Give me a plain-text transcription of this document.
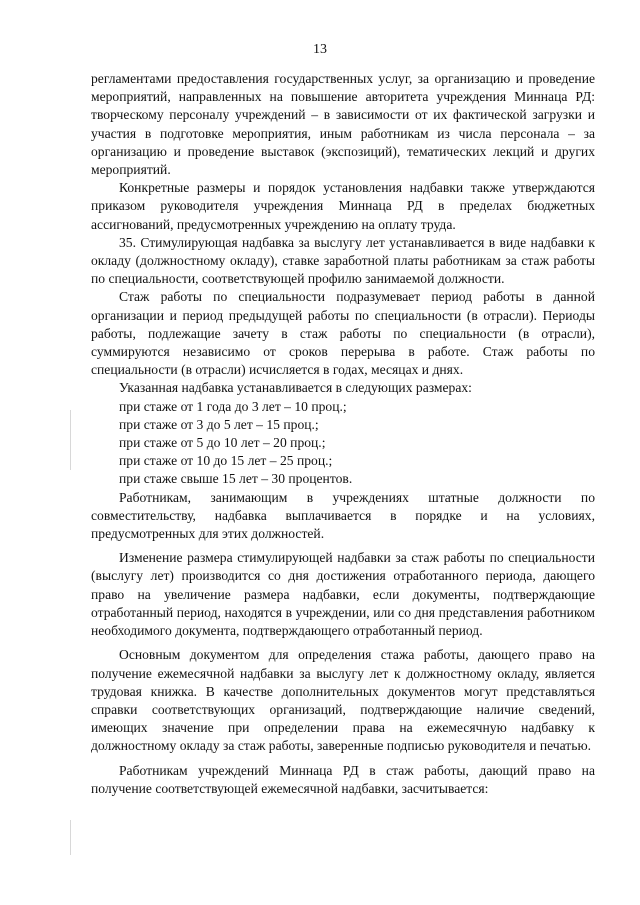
13

регламентами предоставления государственных услуг, за организацию и проведение мероприятий, направленных на повышение авторитета учреждения Миннаца РД: творческому персоналу учреждений – в зависимости от их фактической загрузки и участия в подготовке мероприятия, иным работникам из числа персонала – за организацию и проведение выставок (экспозиций), тематических лекций и других мероприятий.

Конкретные размеры и порядок установления надбавки также утверждаются приказом руководителя учреждения Миннаца РД в пределах бюджетных ассигнований, предусмотренных учреждению на оплату труда.

35. Стимулирующая надбавка за выслугу лет устанавливается в виде надбавки к окладу (должностному окладу), ставке заработной платы работникам за стаж работы по специальности, соответствующей профилю занимаемой должности.

Стаж работы по специальности подразумевает период работы в данной организации и период предыдущей работы по специальности (в отрасли). Периоды работы, подлежащие зачету в стаж работы по специальности (в отрасли), суммируются независимо от сроков перерыва в работе. Стаж работы по специальности (в отрасли) исчисляется в годах, месяцах и днях.

Указанная надбавка устанавливается в следующих размерах:

при стаже от 1 года до 3 лет – 10 проц.;

при стаже от 3 до 5 лет – 15 проц.;

при стаже от 5 до 10 лет – 20 проц.;

при стаже от 10 до 15 лет – 25 проц.;

при стаже свыше 15 лет – 30 процентов.

Работникам, занимающим в учреждениях штатные должности по совместительству, надбавка выплачивается в порядке и на условиях, предусмотренных для этих должностей.

Изменение размера стимулирующей надбавки за стаж работы по специальности (выслугу лет) производится со дня достижения отработанного периода, дающего право на увеличение размера надбавки, если документы, подтверждающие отработанный период, находятся в учреждении, или со дня представления работником необходимого документа, подтверждающего отработанный период.

Основным документом для определения стажа работы, дающего право на получение ежемесячной надбавки за выслугу лет к должностному окладу, является трудовая книжка. В качестве дополнительных документов могут представляться справки соответствующих организаций, подтверждающие наличие сведений, имеющих значение при определении права на ежемесячную надбавку к должностному окладу за стаж работы, заверенные подписью руководителя и печатью.

Работникам учреждений Миннаца РД в стаж работы, дающий право на получение соответствующей ежемесячной надбавки, засчитывается:
